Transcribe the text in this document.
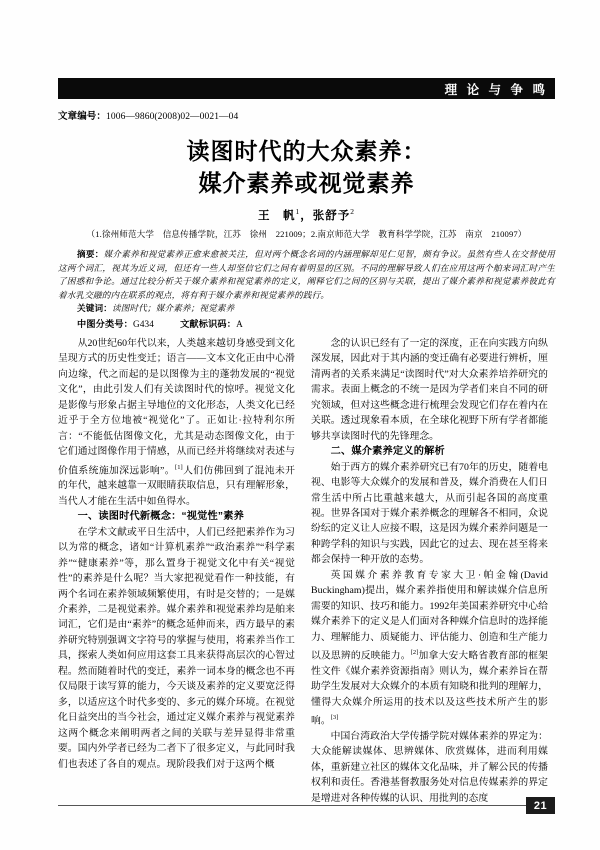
理 论 与 争 鸣
文章编号：1006—9860(2008)02—0021—04
读图时代的大众素养：
媒介素养或视觉素养
王　帆$^1$，张舒予$^2$
（1.徐州师范大学　信息传播学院，江苏　徐州　221009；2.南京师范大学　教育科学学院，江苏　南京　210097）
摘要：媒介素养和视觉素养正愈来愈被关注，但对两个概念名词的内涵理解却见仁见智，颇有争议。虽然有些人在交替使用这两个词汇，视其为近义词，但还有一些人却坚信它们之间有着明显的区别。不同的理解导致人们在应用这两个舶来词汇时产生了困惑和争论。通过比较分析关于媒介素养和视觉素养的定义，阐释它们之间的区别与关联，提出了媒介素养和视觉素养彼此有着水乳交融的内在联系的观点，将有利于媒介素养和视觉素养的践行。
关键词：读图时代；媒介素养；视觉素养
中图分类号：G434	文献标识码：A

从20世纪60年代以来，人类越来越切身感受到文化呈现方式的历史性变迁；语言——文本文化正由中心滑向边缘，代之而起的是以图像为主的蓬勃发展的“视觉文化”，由此引发人们有关读图时代的惊呼。视觉文化是影像与形象占据主导地位的文化形态，人类文化已经近乎于全方位地被“视觉化”了。正如让·拉特利尔所言：“不能低估图像文化，尤其是动态图像文化，由于它们通过图像作用于情感，从而已经并将继续对表述与价值系统施加深远影响”。[1]人们仿佛回到了混沌未开的年代，越来越靠一双眼睛获取信息，只有理解形象，当代人才能在生活中如鱼得水。

一、读图时代新概念：“视觉性”素养

在学术文献或平日生活中，人们已经把素养作为习以为常的概念，诸如“计算机素养”“政治素养”“科学素养”“健康素养”等，那么置身于视觉文化中有关“视觉性”的素养是什么呢？当大家把视觉看作一种技能，有两个名词在素养领域频繁使用，有时是交替的；一是媒介素养，二是视觉素养。媒介素养和视觉素养均是舶来词汇，它们是由“素养”的概念延伸而来，西方最早的素养研究特别强调文字符号的掌握与使用，将素养当作工具，探索人类如何应用这套工具来获得高层次的心智过程。然而随着时代的变迁，素养一词本身的概念也不再仅局限于读写算的能力，今天谈及素养的定义要宽泛得多，以适应这个时代多变的、多元的媒介环境。在视觉化日益突出的当今社会，通过定义媒介素养与视觉素养这两个概念来阐明两者之间的关联与差异显得非常重要。国内外学者已经为二者下了很多定义，与此同时我们也表述了各自的观点。现阶段我们对于这两个概

念的认识已经有了一定的深度，正在向实践方向纵深发展，因此对于其内涵的变迁确有必要进行辨析，厘清两者的关系来满足“读图时代”对大众素养培养研究的需求。表面上概念的不统一是因为学者们来自不同的研究领域，但对这些概念进行梳理会发现它们存在着内在关联。透过现象看本质，在全球化视野下所有学者都能够共享读图时代的先锋理念。

二、媒介素养定义的解析

始于西方的媒介素养研究已有70年的历史，随着电视、电影等大众媒介的发展和普及，媒介消费在人们日常生活中所占比重越来越大，从而引起各国的高度重视。世界各国对于媒介素养概念的理解各不相同，众说纷纭的定义让人应接不暇，这是因为媒介素养问题是一种跨学科的知识与实践，因此它的过去、现在甚至将来都会保持一种开放的态势。

英国媒介素养教育专家大卫·帕金翰(David Buckingham)提出，媒介素养指使用和解读媒介信息所需要的知识、技巧和能力。1992年美国素养研究中心给媒介素养下的定义是人们面对各种媒介信息时的选择能力、理解能力、质疑能力、评估能力、创造和生产能力以及思辨的反映能力。[2]加拿大安大略省教育部的框架性文件《媒介素养资源指南》则认为，媒介素养旨在帮助学生发展对大众媒介的本质有知晓和批判的理解力，懂得大众媒介所运用的技术以及这些技术所产生的影响。[3]

中国台湾政治大学传播学院对媒体素养的界定为：大众能解读媒体、思辨媒体、欣赏媒体，进而利用媒体，重新建立社区的媒体文化品味，并了解公民的传播权利和责任。香港基督教服务处对信息传媒素养的界定是增进对各种传媒的认识、用批判的态度

21
